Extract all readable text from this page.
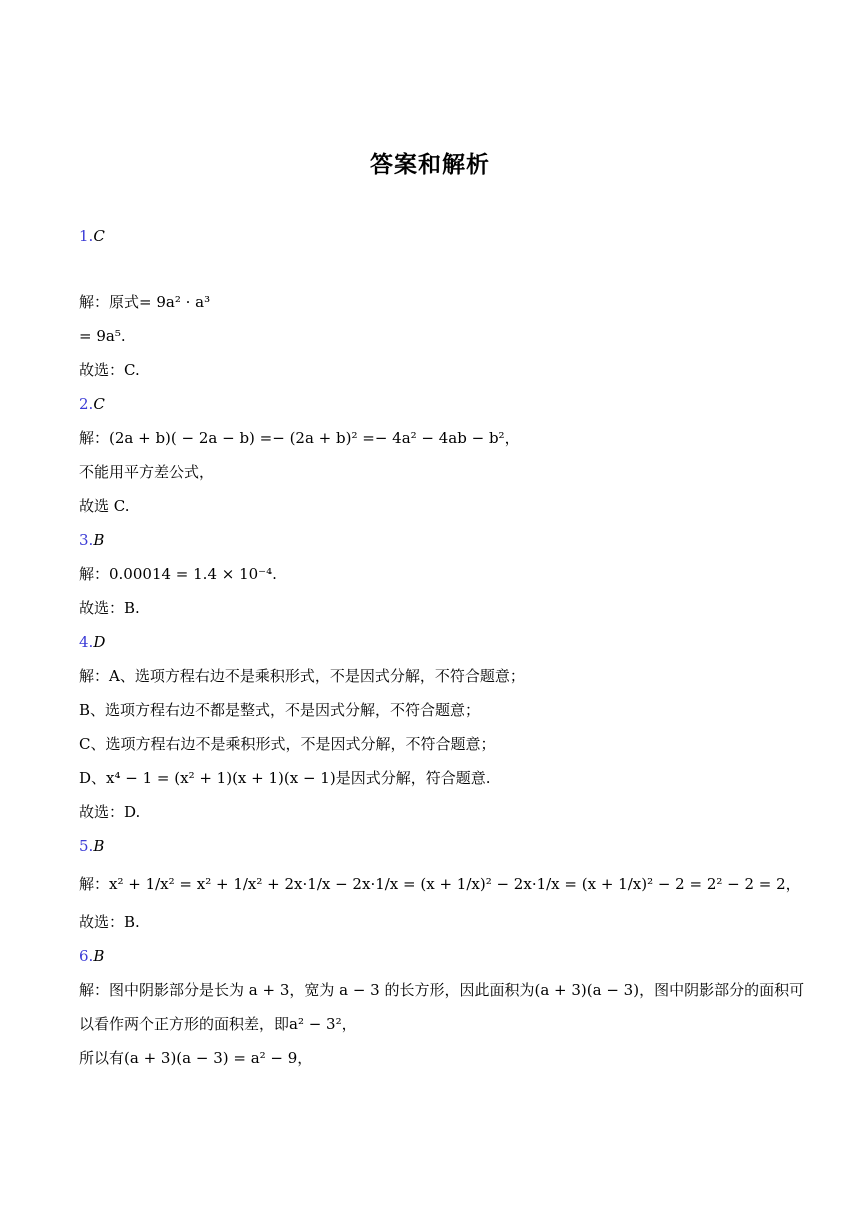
答案和解析
1.C
解：原式= 9a² · a³
= 9a⁵.
故选：C.
2.C
解：(2a + b)( − 2a − b) =− (2a + b)² =− 4a² − 4ab − b²，
不能用平方差公式，
故选 C.
3.B
解：0.00014 = 1.4 × 10⁻⁴.
故选：B.
4.D
解：A、选项方程右边不是乘积形式，不是因式分解，不符合题意；
B、选项方程右边不都是整式，不是因式分解，不符合题意；
C、选项方程右边不是乘积形式，不是因式分解，不符合题意；
D、x⁴ − 1 = (x² + 1)(x + 1)(x − 1)是因式分解，符合题意.
故选：D.
5.B
解：x² + 1/x² = x² + 1/x² + 2x·1/x − 2x·1/x = (x + 1/x)² − 2x·1/x = (x + 1/x)² − 2 = 2² − 2 = 2，
故选：B.
6.B
解：图中阴影部分是长为 a + 3，宽为 a − 3 的长方形，因此面积为(a + 3)(a − 3)，图中阴影部分的面积可
以看作两个正方形的面积差，即a² − 3²，
所以有(a + 3)(a − 3) = a² − 9，
